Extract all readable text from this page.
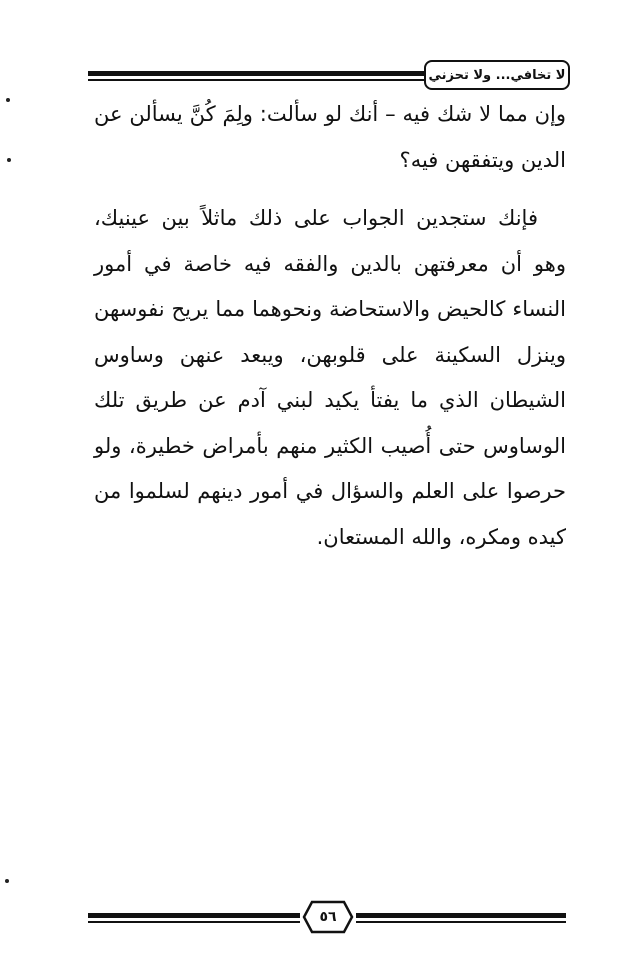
لا تخافي... ولا تحزني

وإن مما لا شك فيه – أنك لو سألت: ولِمَ كُنَّ يسألن عن الدين ويتفقهن فيه؟

فإنك ستجدين الجواب على ذلك ماثلاً بين عينيك، وهو أن معرفتهن بالدين والفقه فيه خاصة في أمور النساء كالحيض والاستحاضة ونحوهما مما يريح نفوسهن وينزل السكينة على قلوبهن، ويبعد عنهن وساوس الشيطان الذي ما يفتأ يكيد لبني آدم عن طريق تلك الوساوس حتى أُصيب الكثير منهم بأمراض خطيرة، ولو حرصوا على العلم والسؤال في أمور دينهم لسلموا من كيده ومكره، والله المستعان.

٥٦
